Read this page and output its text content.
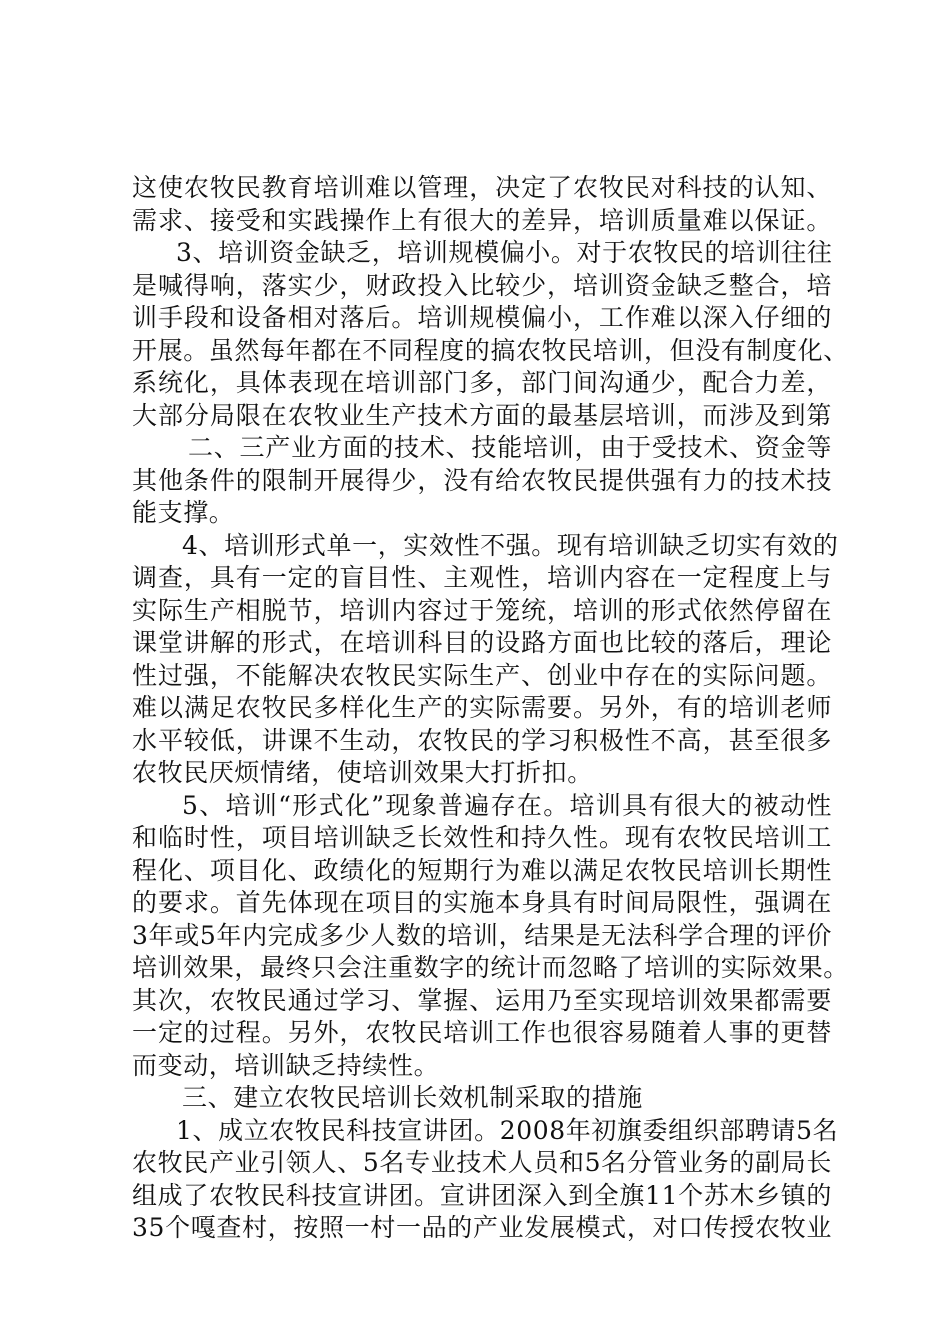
这使农牧民教育培训难以管理，决定了农牧民对科技的认知、
需求、接受和实践操作上有很大的差异，培训质量难以保证。
3、培训资金缺乏，培训规模偏小。对于农牧民的培训往往
是喊得响，落实少，财政投入比较少，培训资金缺乏整合，培
训手段和设备相对落后。培训规模偏小，工作难以深入仔细的
开展。虽然每年都在不同程度的搞农牧民培训，但没有制度化、
系统化，具体表现在培训部门多，部门间沟通少，配合力差，
大部分局限在农牧业生产技术方面的最基层培训，而涉及到第
二、三产业方面的技术、技能培训，由于受技术、资金等
其他条件的限制开展得少，没有给农牧民提供强有力的技术技
能支撑。
4、培训形式单一，实效性不强。现有培训缺乏切实有效的
调查，具有一定的盲目性、主观性，培训内容在一定程度上与
实际生产相脱节，培训内容过于笼统，培训的形式依然停留在
课堂讲解的形式，在培训科目的设路方面也比较的落后，理论
性过强，不能解决农牧民实际生产、创业中存在的实际问题。
难以满足农牧民多样化生产的实际需要。另外，有的培训老师
水平较低，讲课不生动，农牧民的学习积极性不高，甚至很多
农牧民厌烦情绪，使培训效果大打折扣。
5、培训“形式化”现象普遍存在。培训具有很大的被动性
和临时性，项目培训缺乏长效性和持久性。现有农牧民培训工
程化、项目化、政绩化的短期行为难以满足农牧民培训长期性
的要求。首先体现在项目的实施本身具有时间局限性，强调在
3年或5年内完成多少人数的培训，结果是无法科学合理的评价
培训效果，最终只会注重数字的统计而忽略了培训的实际效果。
其次，农牧民通过学习、掌握、运用乃至实现培训效果都需要
一定的过程。另外，农牧民培训工作也很容易随着人事的更替
而变动，培训缺乏持续性。
三、建立农牧民培训长效机制采取的措施
1、成立农牧民科技宣讲团。2008年初旗委组织部聘请5名
农牧民产业引领人、5名专业技术人员和5名分管业务的副局长
组成了农牧民科技宣讲团。宣讲团深入到全旗11个苏木乡镇的
35个嘎查村，按照一村一品的产业发展模式，对口传授农牧业
